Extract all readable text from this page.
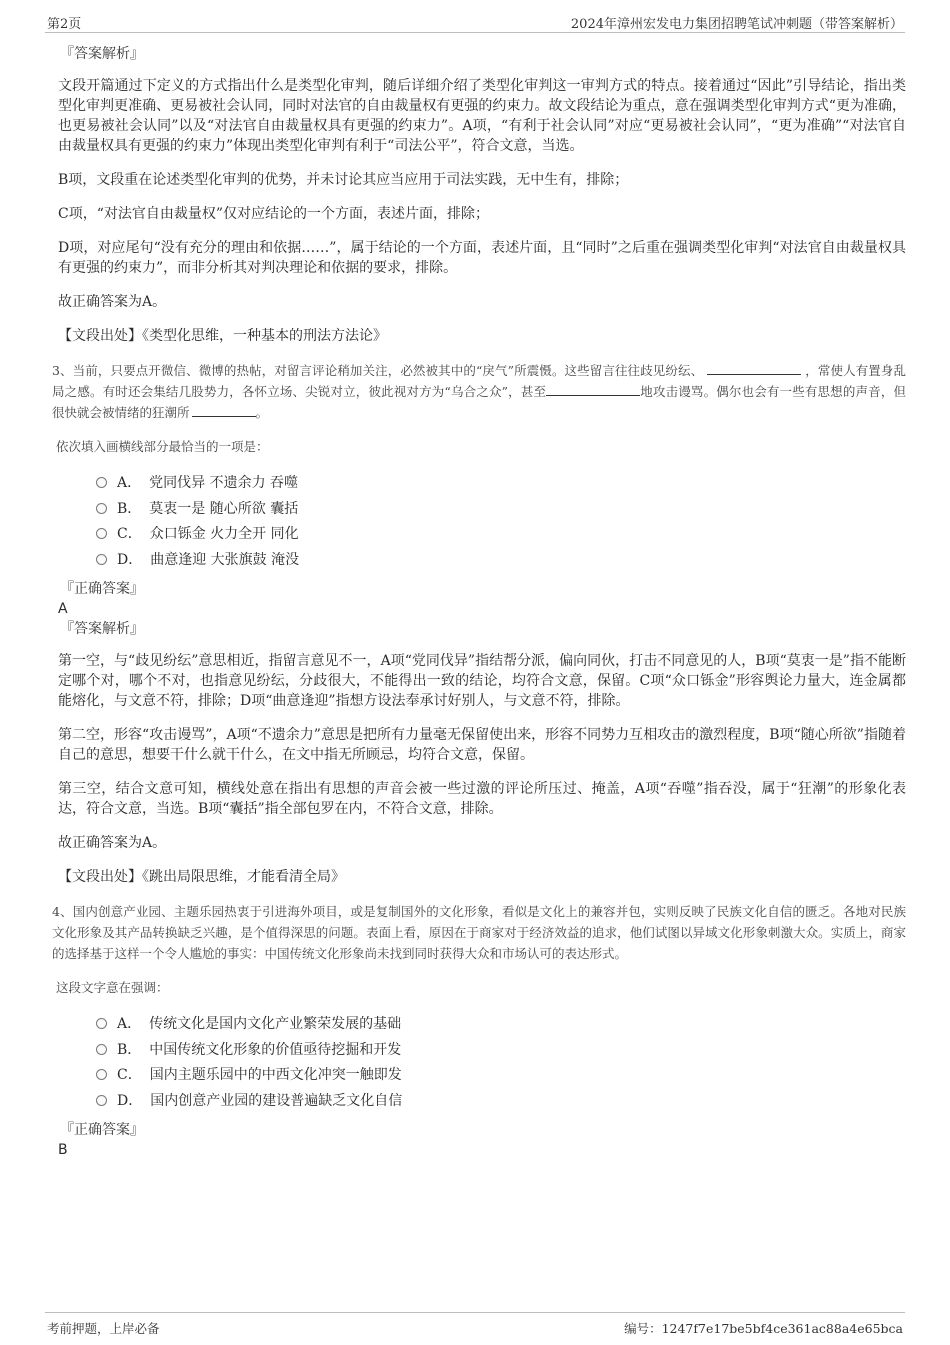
第2页	2024年漳州宏发电力集团招聘笔试冲刺题（带答案解析）
『答案解析』

文段开篇通过下定义的方式指出什么是类型化审判，随后详细介绍了类型化审判这一审判方式的特点。接着通过“因此”引导结论，指出类型化审判更准确、更易被社会认同，同时对法官的自由裁量权有更强的约束力。故文段结论为重点，意在强调类型化审判方式“更为准确，也更易被社会认同”以及“对法官自由裁量权具有更强的约束力”。A项，“有利于社会认同”对应“更易被社会认同”，“更为准确”“对法官自由裁量权具有更强的约束力”体现出类型化审判有利于“司法公平”，符合文意，当选。

B项，文段重在论述类型化审判的优势，并未讨论其应当应用于司法实践，无中生有，排除；

C项，“对法官自由裁量权”仅对应结论的一个方面，表述片面，排除；

D项，对应尾句“没有充分的理由和依据……”，属于结论的一个方面，表述片面，且“同时”之后重在强调类型化审判“对法官自由裁量权具有更强的约束力”，而非分析其对判决理论和依据的要求，排除。

故正确答案为A。

【文段出处】《类型化思维，一种基本的刑法方法论》

3、当前，只要点开微信、微博的热帖，对留言评论稍加关注，必然被其中的“戾气”所震慑。这些留言往往歧见纷纭、	，常使人有置身乱局之感。有时还会集结几股势力，各怀立场、尖锐对立，彼此视对方为“乌合之众”，甚至	地攻击谩骂。偶尔也会有一些有思想的声音，但很快就会被情绪的狂潮所	。

依次填入画横线部分最恰当的一项是：

A． 党同伐异 不遗余力 吞噬
B． 莫衷一是 随心所欲 囊括
C． 众口铄金 火力全开 同化
D． 曲意逢迎 大张旗鼓 淹没
『正确答案』
A
『答案解析』

第一空，与“歧见纷纭”意思相近，指留言意见不一，A项“党同伐异”指结帮分派，偏向同伙，打击不同意见的人，B项“莫衷一是”指不能断定哪个对，哪个不对，也指意见纷纭，分歧很大，不能得出一致的结论，均符合文意，保留。C项“众口铄金”形容舆论力量大，连金属都能熔化，与文意不符，排除；D项“曲意逢迎”指想方设法奉承讨好别人，与文意不符，排除。

第二空，形容“攻击谩骂”，A项“不遗余力”意思是把所有力量毫无保留使出来，形容不同势力互相攻击的激烈程度，B项“随心所欲”指随着自己的意思，想要干什么就干什么，在文中指无所顾忌，均符合文意，保留。

第三空，结合文意可知，横线处意在指出有思想的声音会被一些过激的评论所压过、掩盖，A项“吞噬”指吞没，属于“狂潮”的形象化表达，符合文意，当选。B项“囊括”指全部包罗在内，不符合文意，排除。

故正确答案为A。

【文段出处】《跳出局限思维，才能看清全局》

4、国内创意产业园、主题乐园热衷于引进海外项目，或是复制国外的文化形象，看似是文化上的兼容并包，实则反映了民族文化自信的匮乏。各地对民族文化形象及其产品转换缺乏兴趣，是个值得深思的问题。表面上看，原因在于商家对于经济效益的追求，他们试图以异域文化形象刺激大众。实质上，商家的选择基于这样一个令人尴尬的事实：中国传统文化形象尚未找到同时获得大众和市场认可的表达形式。

这段文字意在强调：

A． 传统文化是国内文化产业繁荣发展的基础
B． 中国传统文化形象的价值亟待挖掘和开发
C． 国内主题乐园中的中西文化冲突一触即发
D． 国内创意产业园的建设普遍缺乏文化自信
『正确答案』
B
考前押题，上岸必备	编号：1247f7e17be5bf4ce361ac88a4e65bca
